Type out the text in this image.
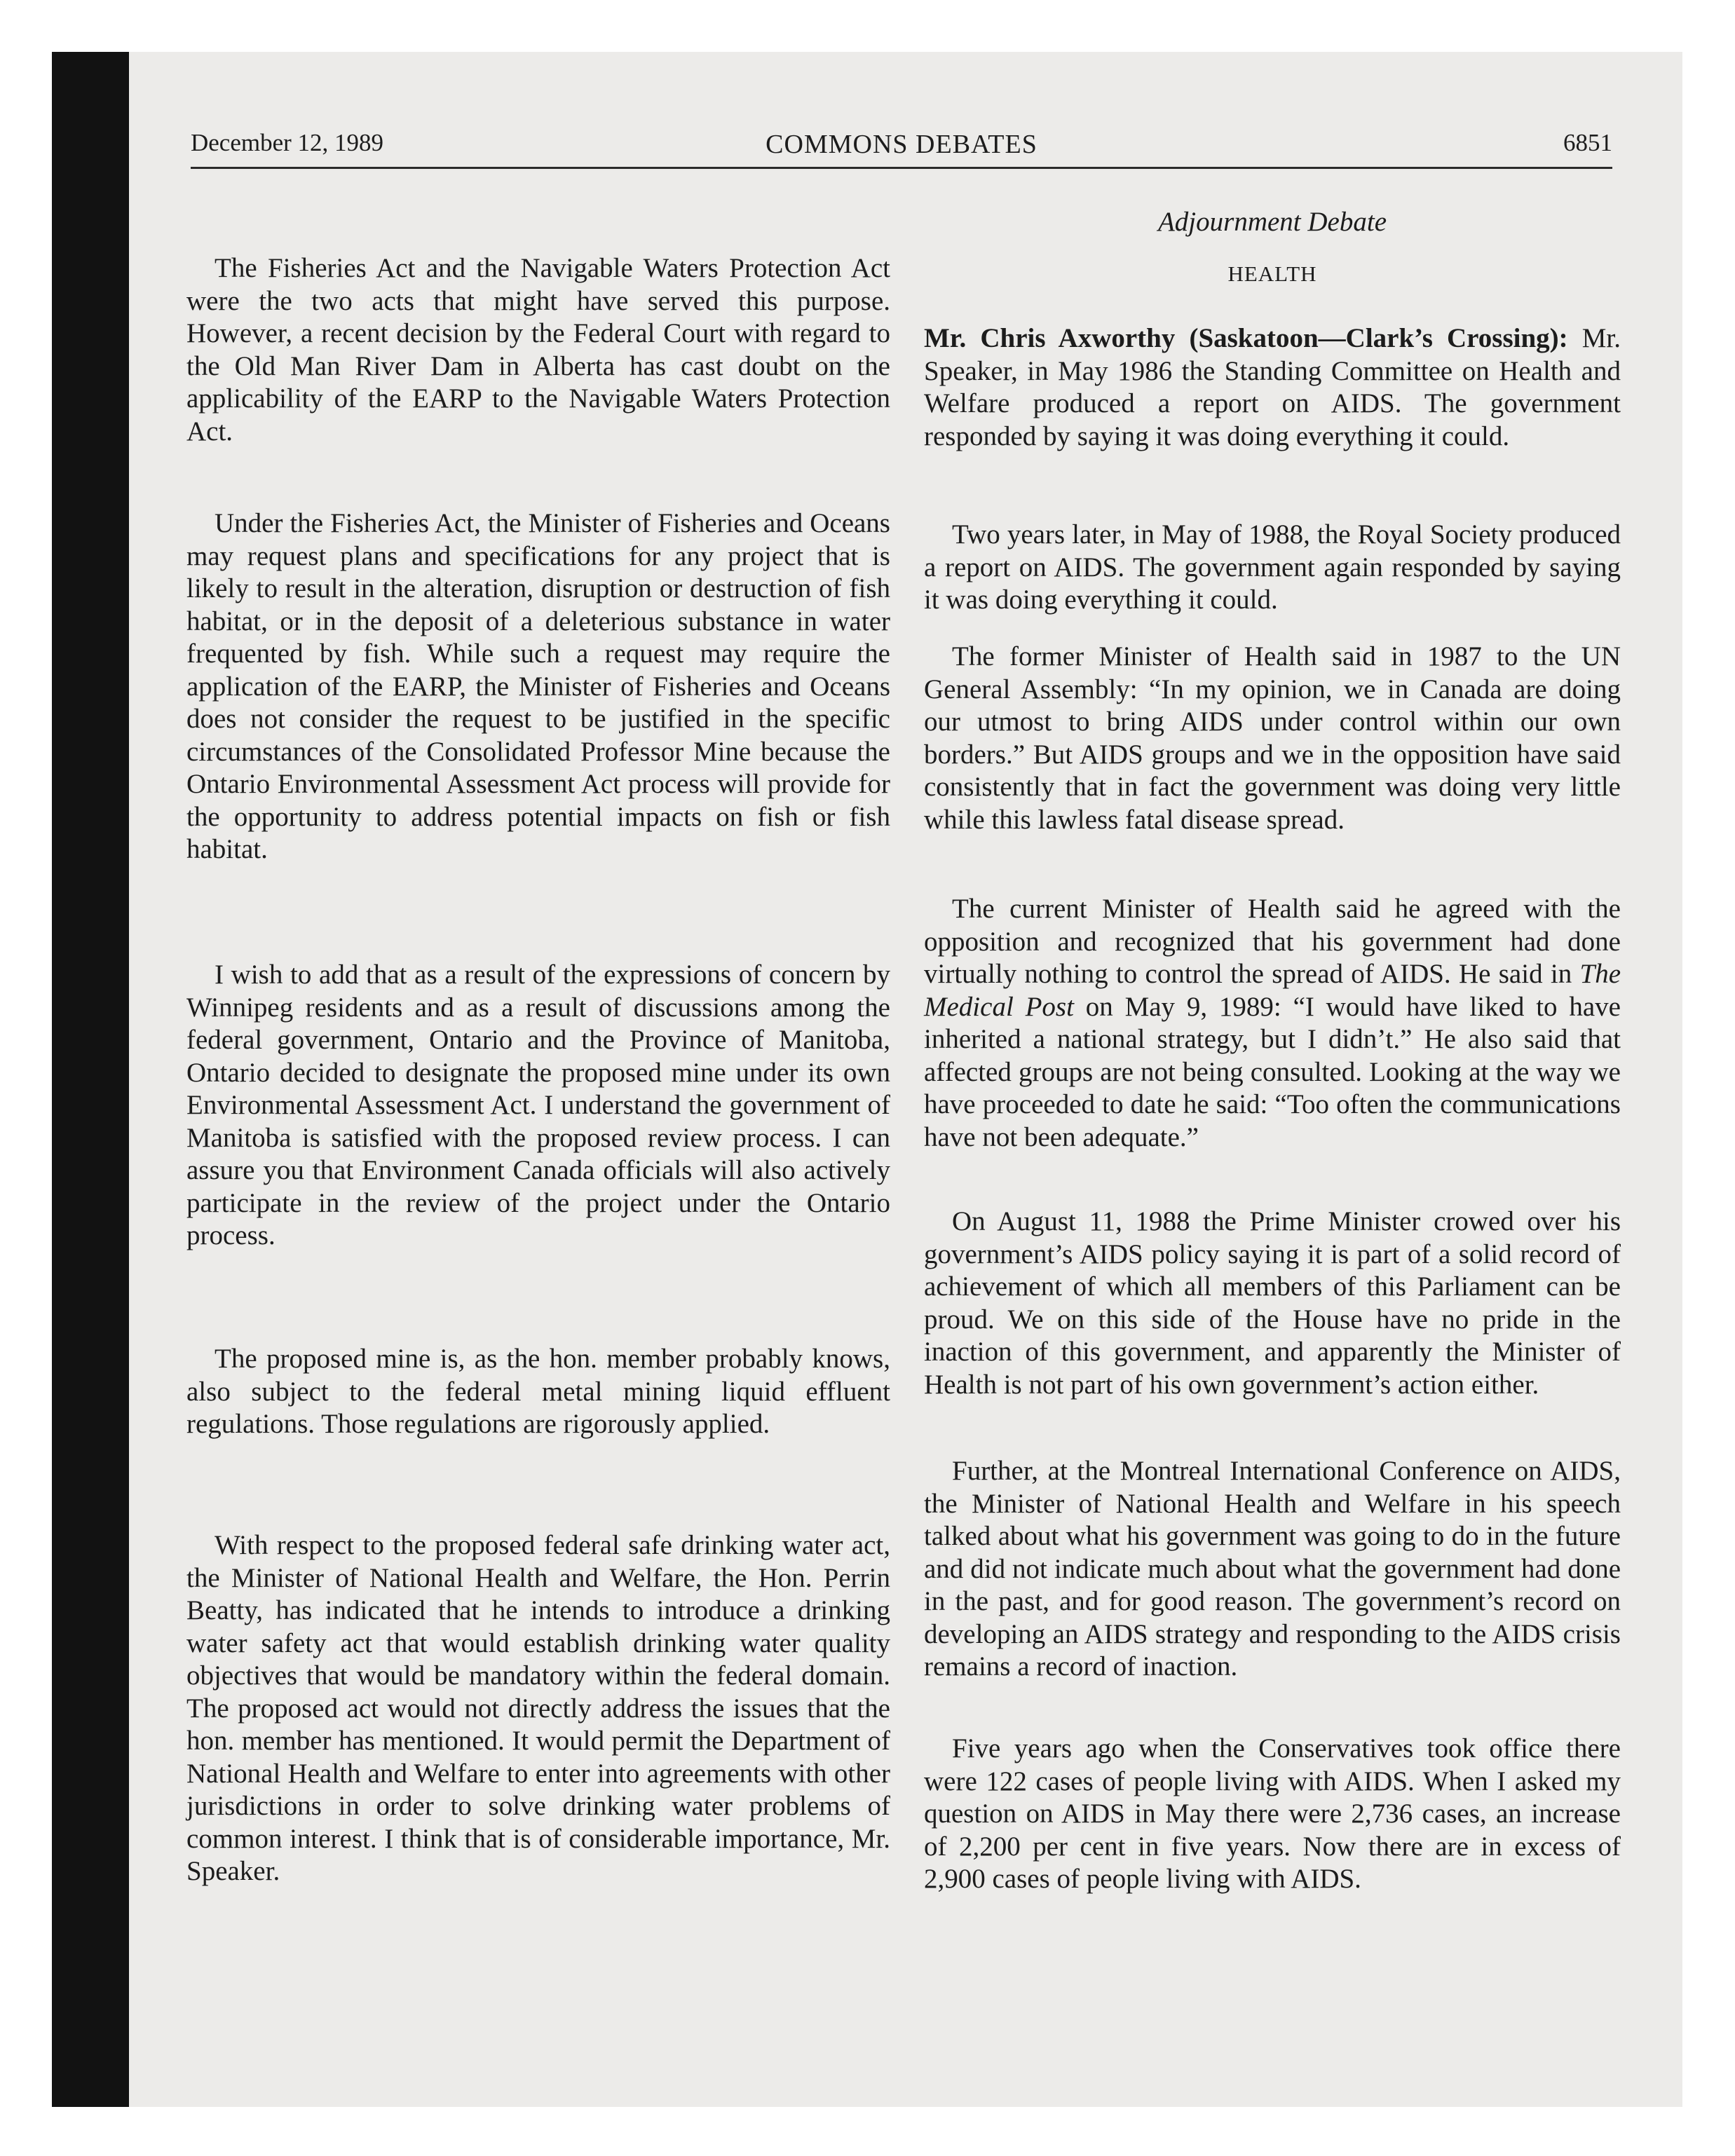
December 12, 1989	COMMONS DEBATES	6851

The Fisheries Act and the Navigable Waters Protection Act were the two acts that might have served this purpose. However, a recent decision by the Federal Court with regard to the Old Man River Dam in Alberta has cast doubt on the applicability of the EARP to the Navigable Waters Protection Act.

Under the Fisheries Act, the Minister of Fisheries and Oceans may request plans and specifications for any project that is likely to result in the alteration, disruption or destruction of fish habitat, or in the deposit of a deleterious substance in water frequented by fish. While such a request may require the application of the EARP, the Minister of Fisheries and Oceans does not consider the request to be justified in the specific circumstances of the Consolidated Professor Mine because the Ontario Environmental Assessment Act process will provide for the opportunity to address potential impacts on fish or fish habitat.

I wish to add that as a result of the expressions of concern by Winnipeg residents and as a result of discussions among the federal government, Ontario and the Province of Manitoba, Ontario decided to designate the proposed mine under its own Environmental Assessment Act. I understand the government of Manitoba is satisfied with the proposed review process. I can assure you that Environment Canada officials will also actively participate in the review of the project under the Ontario process.

The proposed mine is, as the hon. member probably knows, also subject to the federal metal mining liquid effluent regulations. Those regulations are rigorously applied.

With respect to the proposed federal safe drinking water act, the Minister of National Health and Welfare, the Hon. Perrin Beatty, has indicated that he intends to introduce a drinking water safety act that would establish drinking water quality objectives that would be mandatory within the federal domain. The proposed act would not directly address the issues that the hon. member has mentioned. It would permit the Department of National Health and Welfare to enter into agreements with other jurisdictions in order to solve drinking water problems of common interest. I think that is of considerable importance, Mr. Speaker.

Adjournment Debate
HEALTH

Mr. Chris Axworthy (Saskatoon—Clark’s Crossing): Mr. Speaker, in May 1986 the Standing Committee on Health and Welfare produced a report on AIDS. The government responded by saying it was doing everything it could.

Two years later, in May of 1988, the Royal Society produced a report on AIDS. The government again responded by saying it was doing everything it could.

The former Minister of Health said in 1987 to the UN General Assembly: “In my opinion, we in Canada are doing our utmost to bring AIDS under control within our own borders.” But AIDS groups and we in the opposition have said consistently that in fact the government was doing very little while this lawless fatal disease spread.

The current Minister of Health said he agreed with the opposition and recognized that his government had done virtually nothing to control the spread of AIDS. He said in The Medical Post on May 9, 1989: “I would have liked to have inherited a national strategy, but I didn’t.” He also said that affected groups are not being consulted. Looking at the way we have proceeded to date he said: “Too often the communications have not been adequate.”

On August 11, 1988 the Prime Minister crowed over his government’s AIDS policy saying it is part of a solid record of achievement of which all members of this Parliament can be proud. We on this side of the House have no pride in the inaction of this government, and apparently the Minister of Health is not part of his own government’s action either.

Further, at the Montreal International Conference on AIDS, the Minister of National Health and Welfare in his speech talked about what his government was going to do in the future and did not indicate much about what the government had done in the past, and for good reason. The government’s record on developing an AIDS strategy and responding to the AIDS crisis remains a record of inaction.

Five years ago when the Conservatives took office there were 122 cases of people living with AIDS. When I asked my question on AIDS in May there were 2,736 cases, an increase of 2,200 per cent in five years. Now there are in excess of 2,900 cases of people living with AIDS.
